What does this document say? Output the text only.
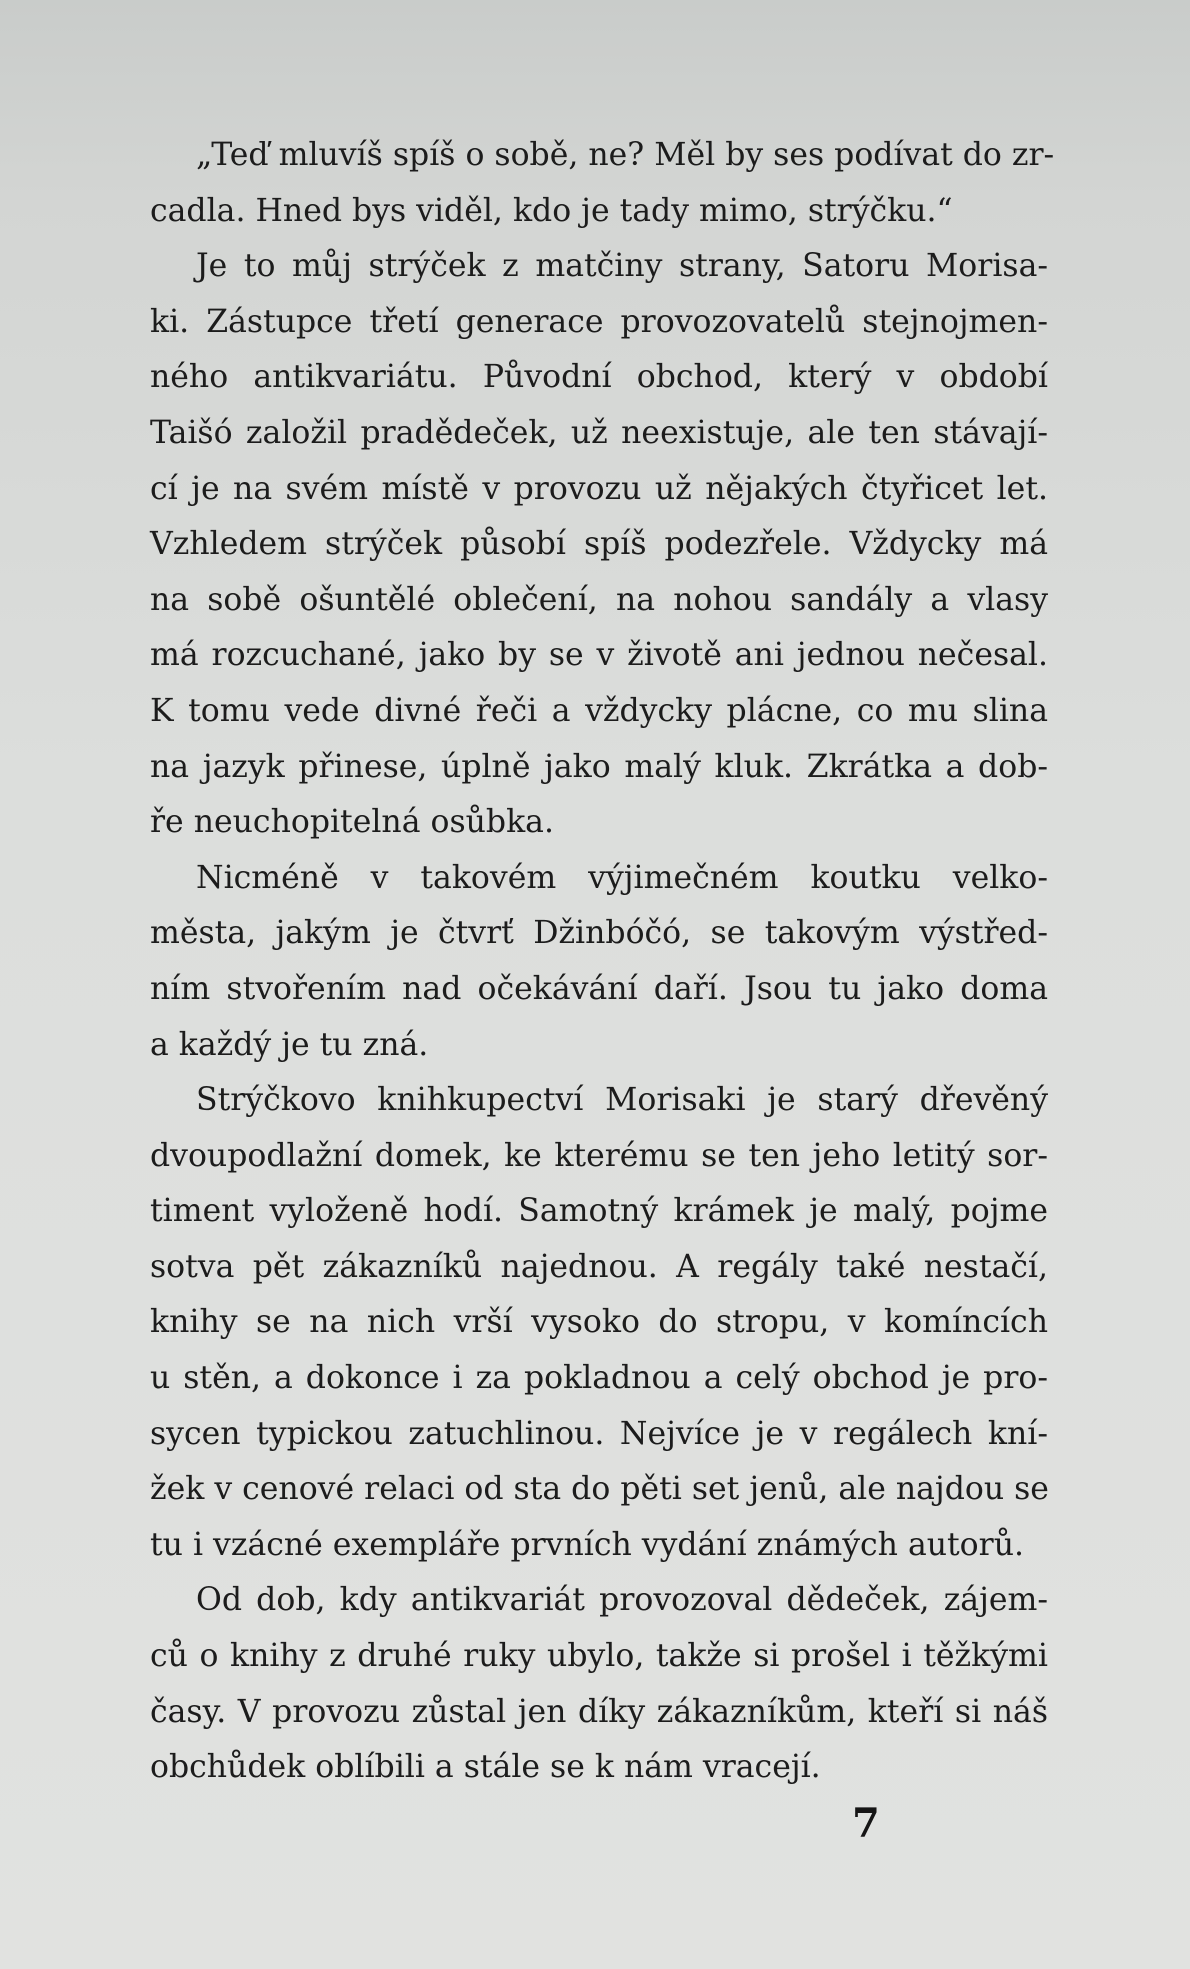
„Teď mluvíš spíš o sobě, ne? Měl by ses podívat do zr-
cadla. Hned bys viděl, kdo je tady mimo, strýčku.“
Je to můj strýček z matčiny strany, Satoru Morisa-
ki. Zástupce třetí generace provozovatelů stejnojmen-
ného antikvariátu. Původní obchod, který v období
Taišó založil pradědeček, už neexistuje, ale ten stávají-
cí je na svém místě v provozu už nějakých čtyřicet let.
Vzhledem strýček působí spíš podezřele. Vždycky má
na sobě ošuntělé oblečení, na nohou sandály a vlasy
má rozcuchané, jako by se v životě ani jednou nečesal.
K tomu vede divné řeči a vždycky plácne, co mu slina
na jazyk přinese, úplně jako malý kluk. Zkrátka a dob-
ře neuchopitelná osůbka.
Nicméně v takovém výjimečném koutku velko-
města, jakým je čtvrť Džinbóčó, se takovým výstřed-
ním stvořením nad očekávání daří. Jsou tu jako doma
a každý je tu zná.
Strýčkovo knihkupectví Morisaki je starý dřevěný
dvoupodlažní domek, ke kterému se ten jeho letitý sor-
timent vyloženě hodí. Samotný krámek je malý, pojme
sotva pět zákazníků najednou. A regály také nestačí,
knihy se na nich vrší vysoko do stropu, v komíncích
u stěn, a dokonce i za pokladnou a celý obchod je pro-
sycen typickou zatuchlinou. Nejvíce je v regálech kní-
žek v cenové relaci od sta do pěti set jenů, ale najdou se
tu i vzácné exempláře prvních vydání známých autorů.
Od dob, kdy antikvariát provozoval dědeček, zájem-
ců o knihy z druhé ruky ubylo, takže si prošel i těžkými
časy. V provozu zůstal jen díky zákazníkům, kteří si náš
obchůdek oblíbili a stále se k nám vracejí.
7
